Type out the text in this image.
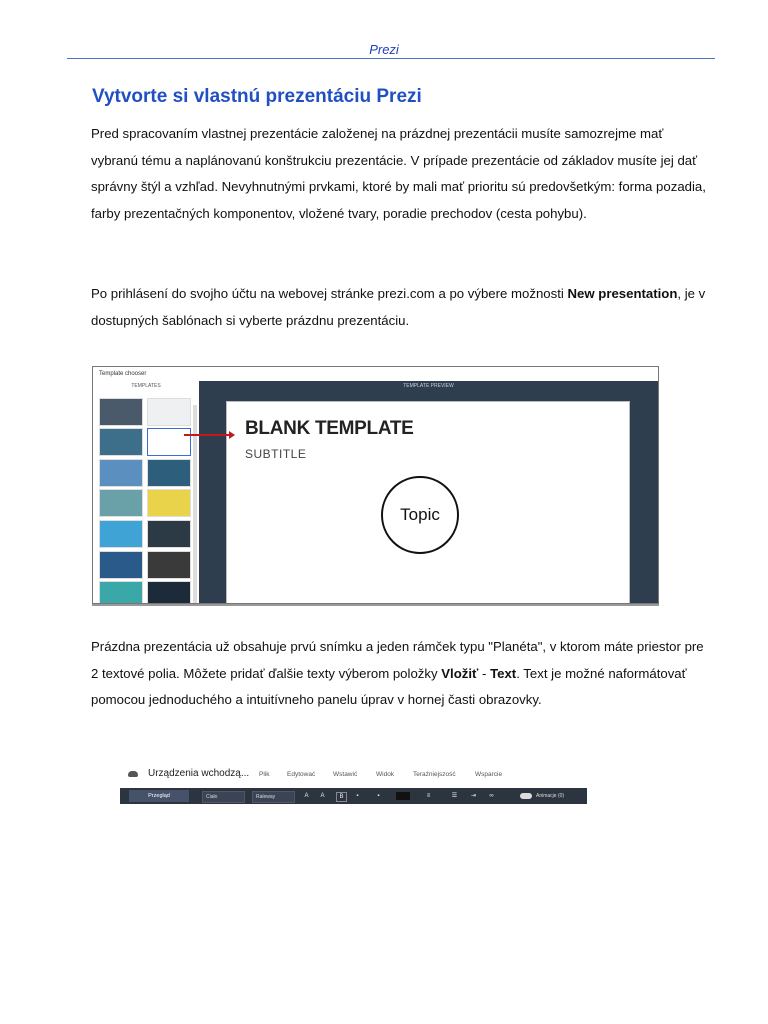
Prezi
Vytvorte si vlastnú prezentáciu Prezi

Pred spracovaním vlastnej prezentácie založenej na prázdnej prezentácii musíte samozrejme mať vybranú tému a naplánovanú konštrukciu prezentácie. V prípade prezentácie od základov musíte jej dať správny štýl a vzhľad. Nevyhnutnými prvkami, ktoré by mali mať prioritu sú predovšetkým: forma pozadia, farby prezentačných komponentov, vložené tvary, poradie prechodov (cesta pohybu).

Po prihlásení do svojho účtu na webovej stránke prezi.com a po výbere možnosti New presentation, je v dostupných šablónach si vyberte prázdnu prezentáciu.

Template chooser
TEMPLATES	TEMPLATE PREVIEW
BLANK TEMPLATE
SUBTITLE
Topic

Prázdna prezentácia už obsahuje prvú snímku a jeden rámček typu "Planéta", v ktorom máte priestor pre 2 textové polia. Môžete pridať ďalšie texty výberom položky Vložiť - Text. Text je možné naformátovať pomocou jednoduchého a intuitívneho panelu úprav v hornej časti obrazovky.

Urządzenia wchodzą... Plik	Edytować	Wstawić	Widok	Teraźniejszość	Wsparcie
Przegląd	Ciało	Raleway	A	A	B	▪	▪	≡	☰	⇥	∞	Animacje (0)
